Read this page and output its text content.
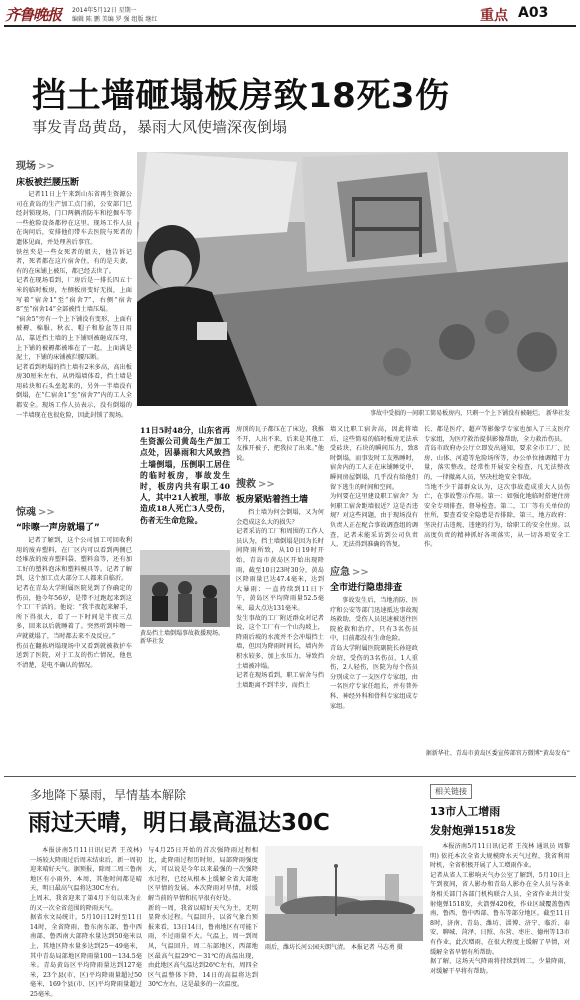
齐鲁晚报 2014年5月12日 星期一
编辑 陈 鹏 美编 罗 强 组版 继红	重点 A03
挡土墙砸塌板房致18死3伤
事发青岛黄岛，暴雨大风使墙深夜倒塌
现场 >>
床板被拦腰压断
记者11日上午来到山东省再生资源公司在黄岛的生产加工点门前，公安部门已经封锁现场，门口两辆消防车和挖掘车等一些抢险设备都停在这里。现场工作人员在询问后，安排他们带车去医院与死者的遗体见面，并处理善后事宜。
铁丝夹是一些女死者的姐夫，他告诉记者，死者都在这片宿舍住，有的是夫妻，有的在床铺上被压，都已经去世了。
记者在现场看到，厂房后是一排长四五十米的临时板房，左侧板房变好无损，上面写着“宿舍1”至“宿舍7”，右侧“宿舍8”至“宿舍14”全部被挡土墙压塌。
“宿舍5”旁有一个上下铺没有变形，上面有被褥、棉服、秋衣、帽子和脸盆等日用品，靠近挡土墙的上下铺则被砸成压弯，上下铺的被褥都被堆在了一起，上面满是泥土，下铺的床铺被拦腰压断。
记者看到坍塌的挡土墙有2米多高，高出板房30厘米左右，从坍塌墙体看，挡土墙是用砖块和石头垒起来的，另外一半墙没有倒塌，在“仁宿舍1”至“宿舍7”内的工人全都安全。现场工作人员表示，没有倒塌的一半墙现在也很危险，因此封锁了现场。	事故中受损的一间职工简易板房内，只剩一个上下铺没有被砸烂。 新华社发
惊魂 >>
“咔嚓一声房就塌了”
记者了解到，这个公司加工可回收利用的废弃塑料，在厂区内可以看到两侧已经堆放的废弃塑料袋、塑料盒等，还有加工好的塑料泡沫和塑料模具等。记者了解到，这个加工点大部分工人都来自临沂。
记者在青岛大学附属医院见到了你确定的伤员，他今年56岁，是带不过跑起来到这个工厂干活的。他说：“我半夜起来解手，所下得很大，看了一下时间是半夜三点多，回来以后就睡着了。突然听到咔嚓一声就就塌了，当时都去来不及反应。”
伤员在翻拣坍塌现场中又看到就被救护车送到了医院，对于工友的伤亡情况，他也不清楚，是电不确认的情况。
11日5时48分，山东省再生资源公司黄岛生产加工点处，因暴雨和大风致挡土墙倒塌，压倒职工居住的临时板房，事故发生时，板房内共有职工40人，其中21人被埋，事故造成18人死亡3人受伤，伤者无生命危险。
黄岛挡土墙倒塌事故救援现场。 新华社发
房顶的瓦子都压在了床边，我推不开，人出不来，后来是其他工友推开被子，把我拉了出来。”他说。
搜救 >>
板房紧贴着挡土墙
挡土墙为何会倒塌，又为何会造成这么大的损失？
记者采访的工厂和周围的工作人员认为，挡土墙倒塌是因为长时间降雨所致，从10日19时开始，青岛市黄岛区开始出现降雨，截至10日23时30分，黄岛区降雨量已达47.4毫米，达到大暴雨；一直持续到11日下午，黄岛区平均降雨量52.5毫米，最大点达131毫米。
发生事故的工厂附近群众对记者说，这个工厂有一个山沟坡上，降雨后坡的水流并不会冲塌挡土墙，但因为降雨时间长，墙内外积水较多，加上水压力，导致挡土墙被冲塌。
记者在现场看到，职工宿舍与挡土墙距离不到半步，而挡土
墙又比职工宿舍高，因此将墙后，这些简易的临时板房无法承受砖块、石块的瞬间压力，致8时倒塌，而事发时工友熟睡时，宿舍内的工人正在床铺睡觉中，瞬间房屋倒塌，几乎没有给他们留下逃生的时间和空间。
为何要在这里建设职工宿舍？为何职工宿舍距墙很近？这是否违规？对这些问题，由于现场没有负责人正在配合事故调查组的调查，记者未能采访到公司负责人，无法得到准确的答复。
应急 >>
全市进行隐患排查
事故发生后，当地消防、医疗和公安等部门迅速抵达事故现场救助，受伤人员迅速被送往医院抢救和治疗，只有3名伤员中，目前都没有生命危险。
青岛大学附属医院副院长孙迎政介绍，受伤的3名伤员，1人重伤，2人轻伤，医院为每个伤员分别成立了一支医疗专家组，由一名医疗专家任组长，并有普外科、神经外科和骨科专家组成专家组。
长、都是医疗、超声等影像学专家也加入了三支医疗专家组，为医疗救治提供影像帮助，全力救治伤员。
青岛市政府办公厅立即发出通知，要求全市工厂、民房、山体、河道等危险场所等，办公单位抽调精干力量，落实整改，经常性开展安全检查，凡无法整改的，一律撤离人员，坚决杜绝安全事故。
当地不少干部群众认为，这次事故造成重大人员伤亡，在事故警示作用。第一：如强化地临时搭建住房安全专项排查、督导检查。第二，工厂等有关单位的住所，要查看安全隐患是否排除，第三，地方政府：坚决打击违规、违建的行为，给职工的安全住房。以高度负责的精神抓好各项落实，从一切各项安全工作。
据新华社、青岛市黄岛区委宣传部官方微博“黄岛发布”
多地降下暴雨，旱情基本解除
雨过天晴，明日最高温达30C
本报济南5月11日讯(记者 王茂林) 一场较大降雨过后周末结束后，新一周初迎来晴好天气。据预报，除周二周三鲁南地区有小雨外，本周，其他时间都是晴天，明日最高气温将达30C左右。
上周末，我省迎来了第4月下旬以来为止的又一次全省范围的降雨天气。
据省水文局统计，5月10日12时至11日14时，全省降雨，鲁东南东部、鲁中西南部、鲁西南大部降水量达到50毫米以上，其地区降水量多达到25～49毫米，其中青岛局部地区降雨量100～134.5毫米。青岛黄岛区平均降雨量达到127毫米，23个县(市、区)平均降雨量超过50毫米，169个县(市、区)平均降雨量超过25毫米。
与4月25日开始的首次强降雨过程相比，此降雨过程历时短，局部降雨强度大，可以说是今年以来最强的一次强降水过程，已经从根本上缓解全省大部地区旱情的发展。本次降雨对旱情，对缓解当前的旱情和抗旱很有好处。
新的一周，我省以晴好天气为主，无明显降水过程。气温回升，以省气象台预报来看，13日14日，鲁南地区有可能下雨，不过雨量不大。气温上，周一到周风，气温回升，周二东部地区，西部地区最高气温29℃～31℃的高温出现，由此地区高气温达到26℃左右，周四全区气温整体下降，14日的高温将达到30℃左右，这是最多的一次温度。
雨后，潍坊长河公园天朗气清。 本报记者 马志勇 摄
相关链接
13市人工增雨
发射炮弹1518发
本报济南5月11日讯(记者 王茂林 通讯员 周黎明) 依托本次全省大规模降水天气过程，我省利用时机，全省积极开展了人工增雨作业。
记者从省人工影响天气办公室了解到，5月10日上午到夜间，省人影办和青岛人影办在全人员与各业务相关部门各部门机构联合人员，全省作业共计发射炮弹1518发，火箭弹420枚，作业区域覆盖鲁西南、鲁西、鲁中西部、鲁东等部分地区。截至11日8时，济南、青岛、潍坊、淄博、济宁、临沂、泰安、聊城、菏泽、日照、东营、枣庄、德州等13市有作业，此次增雨，在很大程度上缓解了旱情，对缓解全省旱情有所帮助。
据了解，这场天气降雨将持续到周二，少量降雨，对缓解干旱将有帮助。
